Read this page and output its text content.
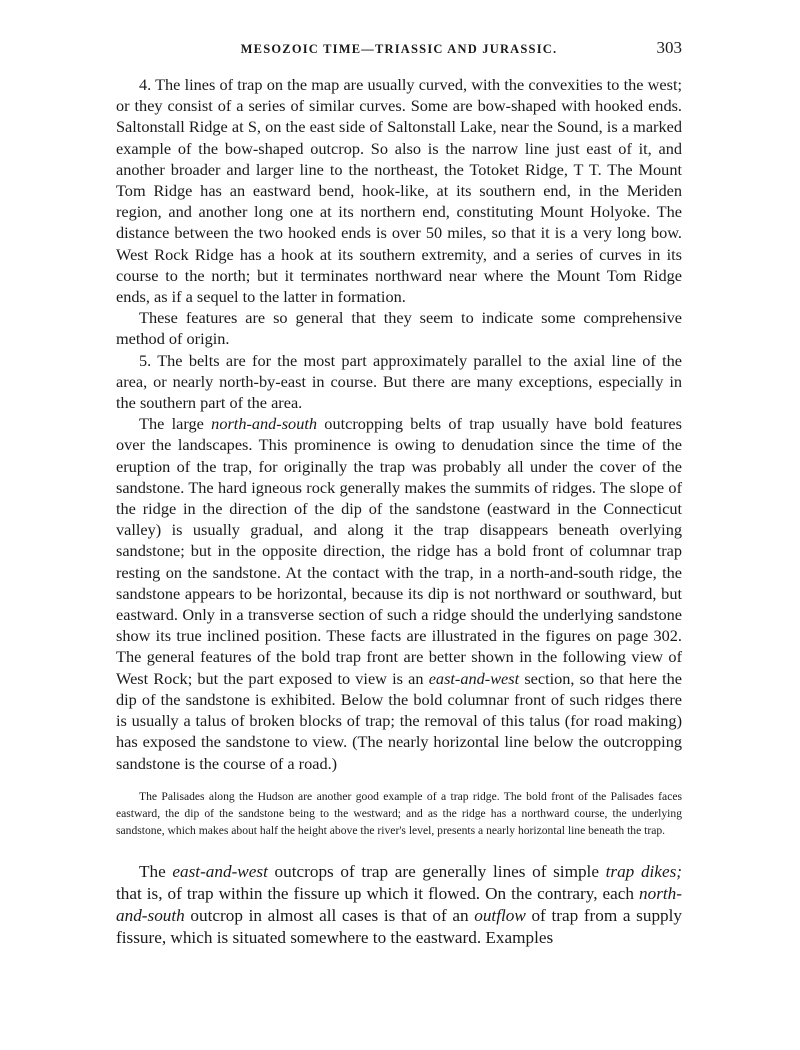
MESOZOIC TIME—TRIASSIC AND JURASSIC.	303

4. The lines of trap on the map are usually curved, with the convexities to the west; or they consist of a series of similar curves. Some are bow-shaped with hooked ends. Saltonstall Ridge at S, on the east side of Saltonstall Lake, near the Sound, is a marked example of the bow-shaped outcrop. So also is the narrow line just east of it, and another broader and larger line to the northeast, the Totoket Ridge, T T. The Mount Tom Ridge has an eastward bend, hook-like, at its southern end, in the Meriden region, and another long one at its northern end, constituting Mount Holyoke. The distance between the two hooked ends is over 50 miles, so that it is a very long bow. West Rock Ridge has a hook at its southern extremity, and a series of curves in its course to the north; but it terminates northward near where the Mount Tom Ridge ends, as if a sequel to the latter in formation.

These features are so general that they seem to indicate some comprehensive method of origin.

5. The belts are for the most part approximately parallel to the axial line of the area, or nearly north-by-east in course. But there are many exceptions, especially in the southern part of the area.

The large north-and-south outcropping belts of trap usually have bold features over the landscapes. This prominence is owing to denudation since the time of the eruption of the trap, for originally the trap was probably all under the cover of the sandstone. The hard igneous rock generally makes the summits of ridges. The slope of the ridge in the direction of the dip of the sandstone (eastward in the Connecticut valley) is usually gradual, and along it the trap disappears beneath overlying sandstone; but in the opposite direction, the ridge has a bold front of columnar trap resting on the sandstone. At the contact with the trap, in a north-and-south ridge, the sandstone appears to be horizontal, because its dip is not northward or southward, but eastward. Only in a transverse section of such a ridge should the underlying sandstone show its true inclined position. These facts are illustrated in the figures on page 302. The general features of the bold trap front are better shown in the following view of West Rock; but the part exposed to view is an east-and-west section, so that here the dip of the sandstone is exhibited. Below the bold columnar front of such ridges there is usually a talus of broken blocks of trap; the removal of this talus (for road making) has exposed the sandstone to view. (The nearly horizontal line below the outcropping sandstone is the course of a road.)

The Palisades along the Hudson are another good example of a trap ridge. The bold front of the Palisades faces eastward, the dip of the sandstone being to the westward; and as the ridge has a northward course, the underlying sandstone, which makes about half the height above the river's level, presents a nearly horizontal line beneath the trap.

The east-and-west outcrops of trap are generally lines of simple trap dikes; that is, of trap within the fissure up which it flowed. On the contrary, each north-and-south outcrop in almost all cases is that of an outflow of trap from a supply fissure, which is situated somewhere to the eastward. Examples
